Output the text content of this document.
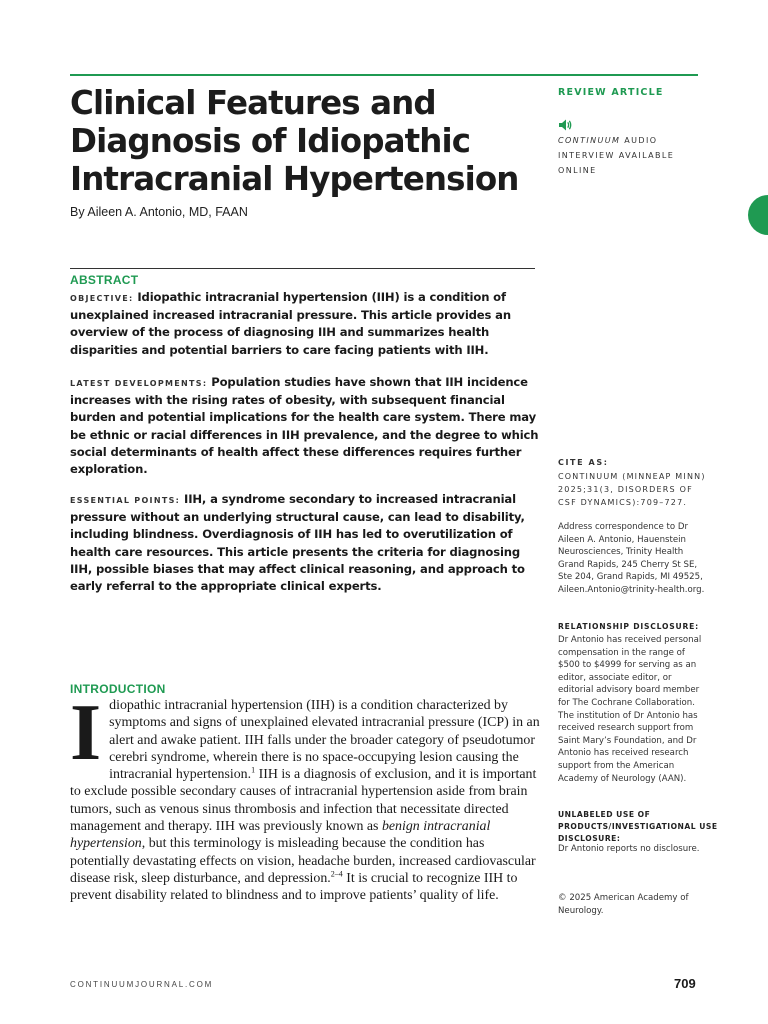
Clinical Features and Diagnosis of Idiopathic Intracranial Hypertension
By Aileen A. Antonio, MD, FAAN
ABSTRACT

OBJECTIVE: Idiopathic intracranial hypertension (IIH) is a condition of unexplained increased intracranial pressure. This article provides an overview of the process of diagnosing IIH and summarizes health disparities and potential barriers to care facing patients with IIH.

LATEST DEVELOPMENTS: Population studies have shown that IIH incidence increases with the rising rates of obesity, with subsequent financial burden and potential implications for the health care system. There may be ethnic or racial differences in IIH prevalence, and the degree to which social determinants of health affect these differences requires further exploration.

ESSENTIAL POINTS: IIH, a syndrome secondary to increased intracranial pressure without an underlying structural cause, can lead to disability, including blindness. Overdiagnosis of IIH has led to overutilization of health care resources. This article presents the criteria for diagnosing IIH, possible biases that may affect clinical reasoning, and approach to early referral to the appropriate clinical experts.

INTRODUCTION

Idiopathic intracranial hypertension (IIH) is a condition characterized by symptoms and signs of unexplained elevated intracranial pressure (ICP) in an alert and awake patient. IIH falls under the broader category of pseudotumor cerebri syndrome, wherein there is no space-occupying lesion causing the intracranial hypertension.$^1$ IIH is a diagnosis of exclusion, and it is important to exclude possible secondary causes of intracranial hypertension aside from brain tumors, such as venous sinus thrombosis and infection that necessitate directed management and therapy. IIH was previously known as benign intracranial hypertension, but this terminology is misleading because the condition has potentially devastating effects on vision, headache burden, increased cardiovascular disease risk, sleep disturbance, and depression.$^{2-4}$ It is crucial to recognize IIH to prevent disability related to blindness and to improve patients’ quality of life.

REVIEW ARTICLE
CONTINUUM AUDIO INTERVIEW AVAILABLE ONLINE
CITE AS:
CONTINUUM (MINNEAP MINN) 2025;31(3, DISORDERS OF CSF DYNAMICS):709–727.
Address correspondence to Dr Aileen A. Antonio, Hauenstein Neurosciences, Trinity Health Grand Rapids, 245 Cherry St SE, Ste 204, Grand Rapids, MI 49525, Aileen.Antonio@trinity-health.org.
RELATIONSHIP DISCLOSURE:
Dr Antonio has received personal compensation in the range of $500 to $4999 for serving as an editor, associate editor, or editorial advisory board member for The Cochrane Collaboration. The institution of Dr Antonio has received research support from Saint Mary’s Foundation, and Dr Antonio has received research support from the American Academy of Neurology (AAN).
UNLABELED USE OF PRODUCTS/INVESTIGATIONAL USE DISCLOSURE:
Dr Antonio reports no disclosure.
© 2025 American Academy of Neurology.
CONTINUUMJOURNAL.COM	709
